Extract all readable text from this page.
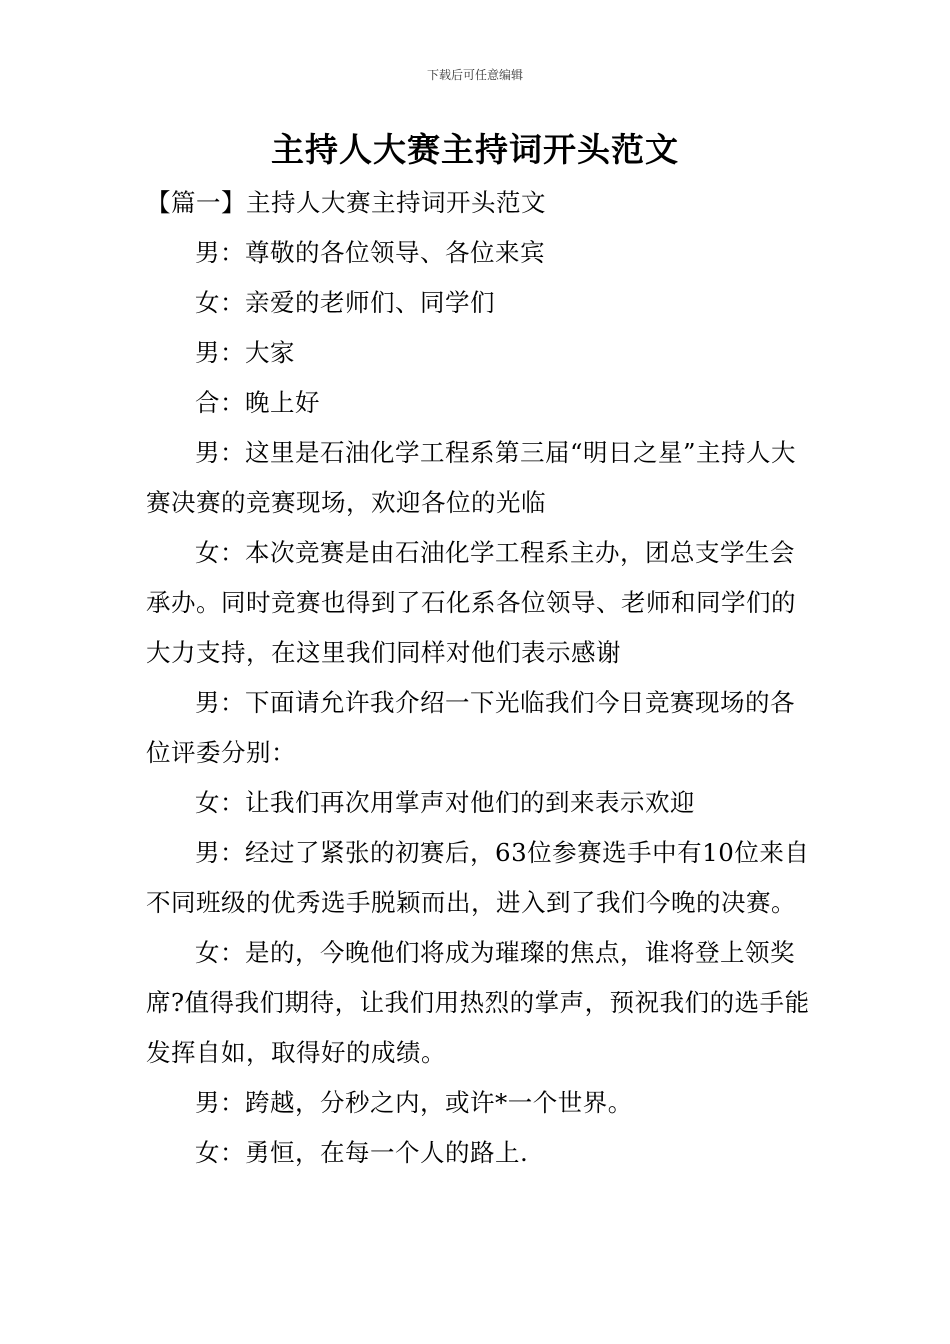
下载后可任意编辑
主持人大赛主持词开头范文

【篇一】主持人大赛主持词开头范文

男：尊敬的各位领导、各位来宾

女：亲爱的老师们、同学们

男：大家

合：晚上好

男：这里是石油化学工程系第三届“明日之星”主持人大赛决赛的竞赛现场，欢迎各位的光临

女：本次竞赛是由石油化学工程系主办，团总支学生会承办。同时竞赛也得到了石化系各位领导、老师和同学们的大力支持，在这里我们同样对他们表示感谢

男：下面请允许我介绍一下光临我们今日竞赛现场的各位评委分别：

女：让我们再次用掌声对他们的到来表示欢迎

男：经过了紧张的初赛后，63位参赛选手中有10位来自不同班级的优秀选手脱颖而出，进入到了我们今晚的决赛。

女：是的，今晚他们将成为璀璨的焦点，谁将登上领奖席?值得我们期待，让我们用热烈的掌声，预祝我们的选手能发挥自如，取得好的成绩。

男：跨越，分秒之内，或许*一个世界。

女：勇恒，在每一个人的路上.
